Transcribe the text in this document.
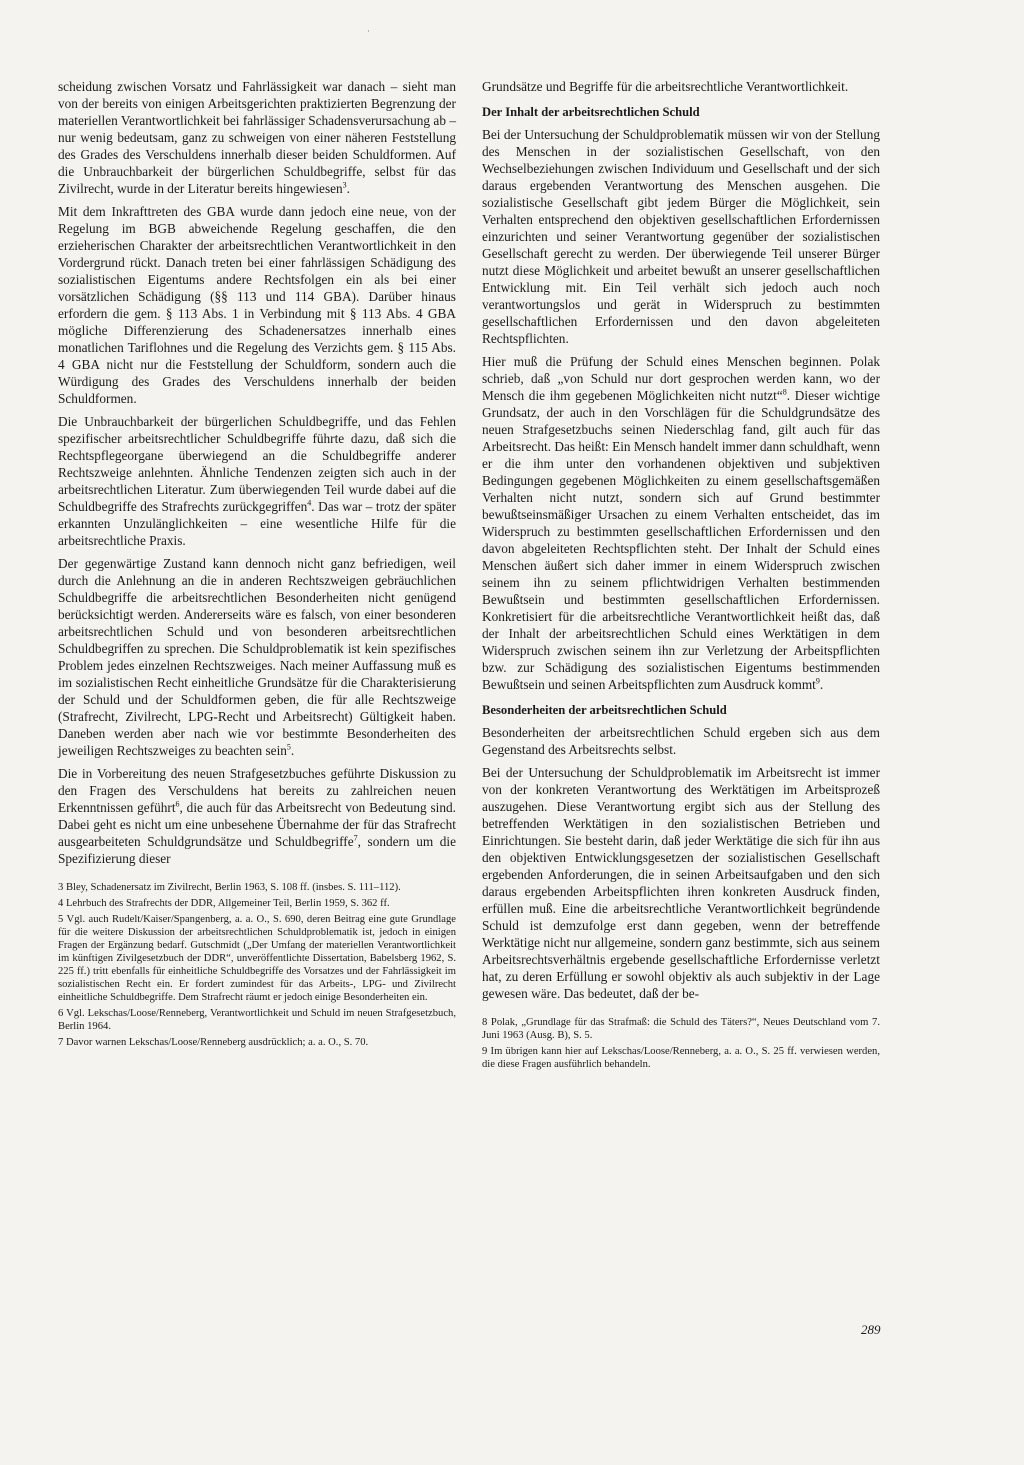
·

scheidung zwischen Vorsatz und Fahrlässigkeit war danach – sieht man von der bereits von einigen Arbeitsgerichten praktizierten Begrenzung der materiellen Verantwortlichkeit bei fahrlässiger Schadensverursachung ab – nur wenig bedeutsam, ganz zu schweigen von einer näheren Feststellung des Grades des Verschuldens innerhalb dieser beiden Schuldformen. Auf die Unbrauchbarkeit der bürgerlichen Schuldbegriffe, selbst für das Zivilrecht, wurde in der Literatur bereits hingewiesen$^3$.

Mit dem Inkrafttreten des GBA wurde dann jedoch eine neue, von der Regelung im BGB abweichende Regelung geschaffen, die den erzieherischen Charakter der arbeitsrechtlichen Verantwortlichkeit in den Vordergrund rückt. Danach treten bei einer fahrlässigen Schädigung des sozialistischen Eigentums andere Rechtsfolgen ein als bei einer vorsätzlichen Schädigung (§§ 113 und 114 GBA). Darüber hinaus erfordern die gem. § 113 Abs. 1 in Verbindung mit § 113 Abs. 4 GBA mögliche Differenzierung des Schadenersatzes innerhalb eines monatlichen Tariflohnes und die Regelung des Verzichts gem. § 115 Abs. 4 GBA nicht nur die Feststellung der Schuldform, sondern auch die Würdigung des Grades des Verschuldens innerhalb der beiden Schuldformen.

Die Unbrauchbarkeit der bürgerlichen Schuldbegriffe, und das Fehlen spezifischer arbeitsrechtlicher Schuldbegriffe führte dazu, daß sich die Rechtspflegeorgane überwiegend an die Schuldbegriffe anderer Rechtszweige anlehnten. Ähnliche Tendenzen zeigten sich auch in der arbeitsrechtlichen Literatur. Zum überwiegenden Teil wurde dabei auf die Schuldbegriffe des Strafrechts zurückgegriffen$^4$. Das war – trotz der später erkannten Unzulänglichkeiten – eine wesentliche Hilfe für die arbeitsrechtliche Praxis.

Der gegenwärtige Zustand kann dennoch nicht ganz befriedigen, weil durch die Anlehnung an die in anderen Rechtszweigen gebräuchlichen Schuldbegriffe die arbeitsrechtlichen Besonderheiten nicht genügend berücksichtigt werden. Andererseits wäre es falsch, von einer besonderen arbeitsrechtlichen Schuld und von besonderen arbeitsrechtlichen Schuldbegriffen zu sprechen. Die Schuldproblematik ist kein spezifisches Problem jedes einzelnen Rechtszweiges. Nach meiner Auffassung muß es im sozialistischen Recht einheitliche Grundsätze für die Charakterisierung der Schuld und der Schuldformen geben, die für alle Rechtszweige (Strafrecht, Zivilrecht, LPG-Recht und Arbeitsrecht) Gültigkeit haben. Daneben werden aber nach wie vor bestimmte Besonderheiten des jeweiligen Rechtszweiges zu beachten sein$^5$.

Die in Vorbereitung des neuen Strafgesetzbuches geführte Diskussion zu den Fragen des Verschuldens hat bereits zu zahlreichen neuen Erkenntnissen geführt$^6$, die auch für das Arbeitsrecht von Bedeutung sind. Dabei geht es nicht um eine unbesehene Übernahme der für das Strafrecht ausgearbeiteten Schuldgrundsätze und Schuldbegriffe$^7$, sondern um die Spezifizierung dieser

3 Bley, Schadenersatz im Zivilrecht, Berlin 1963, S. 108 ff. (insbes. S. 111–112).

4 Lehrbuch des Strafrechts der DDR, Allgemeiner Teil, Berlin 1959, S. 362 ff.

5 Vgl. auch Rudelt/Kaiser/Spangenberg, a. a. O., S. 690, deren Beitrag eine gute Grundlage für die weitere Diskussion der arbeitsrechtlichen Schuldproblematik ist, jedoch in einigen Fragen der Ergänzung bedarf. Gutschmidt („Der Umfang der materiellen Verantwortlichkeit im künftigen Zivilgesetzbuch der DDR“, unveröffentlichte Dissertation, Babelsberg 1962, S. 225 ff.) tritt ebenfalls für einheitliche Schuldbegriffe des Vorsatzes und der Fahrlässigkeit im sozialistischen Recht ein. Er fordert zumindest für das Arbeits-, LPG- und Zivilrecht einheitliche Schuldbegriffe. Dem Strafrecht räumt er jedoch einige Besonderheiten ein.

6 Vgl. Lekschas/Loose/Renneberg, Verantwortlichkeit und Schuld im neuen Strafgesetzbuch, Berlin 1964.

7 Davor warnen Lekschas/Loose/Renneberg ausdrücklich; a. a. O., S. 70.

Grundsätze und Begriffe für die arbeitsrechtliche Verantwortlichkeit.

Der Inhalt der arbeitsrechtlichen Schuld

Bei der Untersuchung der Schuldproblematik müssen wir von der Stellung des Menschen in der sozialistischen Gesellschaft, von den Wechselbeziehungen zwischen Individuum und Gesellschaft und der sich daraus ergebenden Verantwortung des Menschen ausgehen. Die sozialistische Gesellschaft gibt jedem Bürger die Möglichkeit, sein Verhalten entsprechend den objektiven gesellschaftlichen Erfordernissen einzurichten und seiner Verantwortung gegenüber der sozialistischen Gesellschaft gerecht zu werden. Der überwiegende Teil unserer Bürger nutzt diese Möglichkeit und arbeitet bewußt an unserer gesellschaftlichen Entwicklung mit. Ein Teil verhält sich jedoch auch noch verantwortungslos und gerät in Widerspruch zu bestimmten gesellschaftlichen Erfordernissen und den davon abgeleiteten Rechtspflichten.

Hier muß die Prüfung der Schuld eines Menschen beginnen. Polak schrieb, daß „von Schuld nur dort gesprochen werden kann, wo der Mensch die ihm gegebenen Möglichkeiten nicht nutzt“$^8$. Dieser wichtige Grundsatz, der auch in den Vorschlägen für die Schuldgrundsätze des neuen Strafgesetzbuchs seinen Niederschlag fand, gilt auch für das Arbeitsrecht. Das heißt: Ein Mensch handelt immer dann schuldhaft, wenn er die ihm unter den vorhandenen objektiven und subjektiven Bedingungen gegebenen Möglichkeiten zu einem gesellschaftsgemäßen Verhalten nicht nutzt, sondern sich auf Grund bestimmter bewußtseinsmäßiger Ursachen zu einem Verhalten entscheidet, das im Widerspruch zu bestimmten gesellschaftlichen Erfordernissen und den davon abgeleiteten Rechtspflichten steht. Der Inhalt der Schuld eines Menschen äußert sich daher immer in einem Widerspruch zwischen seinem ihn zu seinem pflichtwidrigen Verhalten bestimmenden Bewußtsein und bestimmten gesellschaftlichen Erfordernissen. Konkretisiert für die arbeitsrechtliche Verantwortlichkeit heißt das, daß der Inhalt der arbeitsrechtlichen Schuld eines Werktätigen in dem Widerspruch zwischen seinem ihn zur Verletzung der Arbeitspflichten bzw. zur Schädigung des sozialistischen Eigentums bestimmenden Bewußtsein und seinen Arbeitspflichten zum Ausdruck kommt$^9$.

Besonderheiten der arbeitsrechtlichen Schuld

Besonderheiten der arbeitsrechtlichen Schuld ergeben sich aus dem Gegenstand des Arbeitsrechts selbst.

Bei der Untersuchung der Schuldproblematik im Arbeitsrecht ist immer von der konkreten Verantwortung des Werktätigen im Arbeitsprozeß auszugehen. Diese Verantwortung ergibt sich aus der Stellung des betreffenden Werktätigen in den sozialistischen Betrieben und Einrichtungen. Sie besteht darin, daß jeder Werktätige die sich für ihn aus den objektiven Entwicklungsgesetzen der sozialistischen Gesellschaft ergebenden Anforderungen, die in seinen Arbeitsaufgaben und den sich daraus ergebenden Arbeitspflichten ihren konkreten Ausdruck finden, erfüllen muß. Eine die arbeitsrechtliche Verantwortlichkeit begründende Schuld ist demzufolge erst dann gegeben, wenn der betreffende Werktätige nicht nur allgemeine, sondern ganz bestimmte, sich aus seinem Arbeitsrechtsverhältnis ergebende gesellschaftliche Erfordernisse verletzt hat, zu deren Erfüllung er sowohl objektiv als auch subjektiv in der Lage gewesen wäre. Das bedeutet, daß der be-

8 Polak, „Grundlage für das Strafmaß: die Schuld des Täters?“, Neues Deutschland vom 7. Juni 1963 (Ausg. B), S. 5.

9 Im übrigen kann hier auf Lekschas/Loose/Renneberg, a. a. O., S. 25 ff. verwiesen werden, die diese Fragen ausführlich behandeln.

289
